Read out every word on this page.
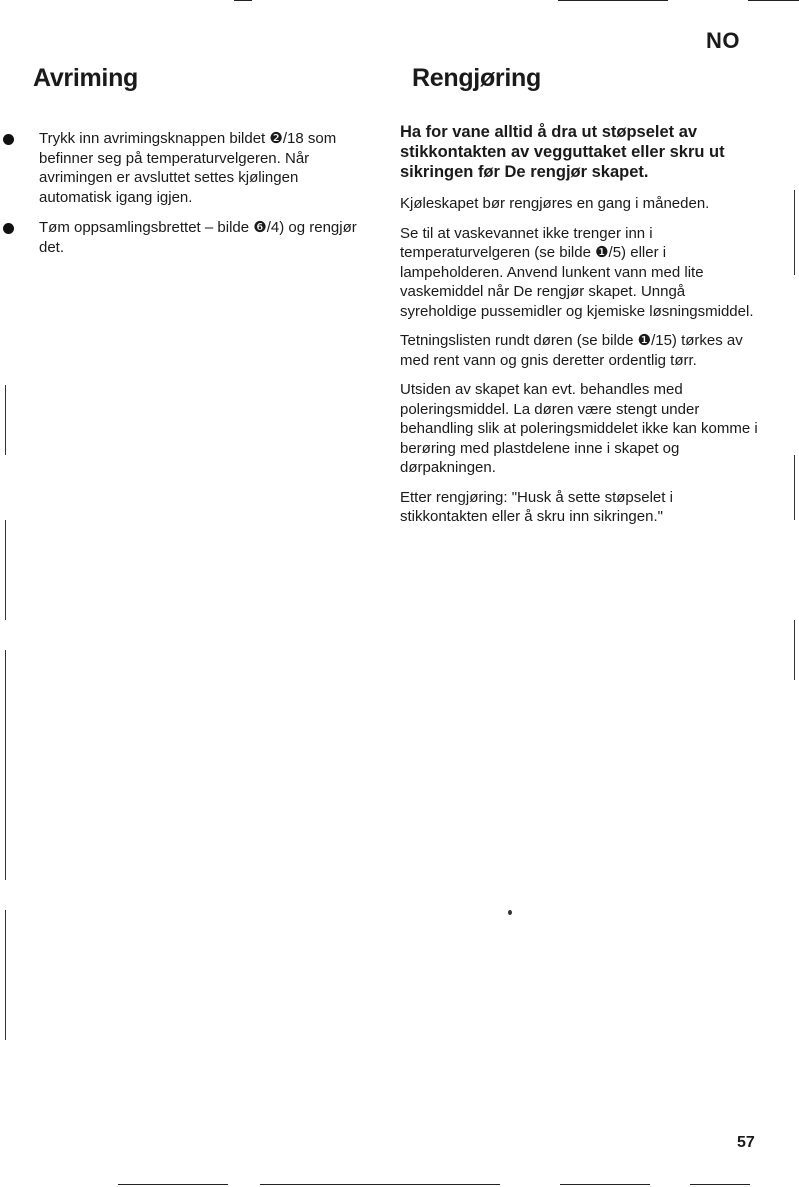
NO
Avriming
Trykk inn avrimingsknappen bildet ❷/18 som befinner seg på temperaturvelgeren. Når avrimingen er avsluttet settes kjølingen automatisk igang igjen.
Tøm oppsamlingsbrettet – bilde ❻/4) og rengjør det.
Rengjøring

Ha for vane alltid å dra ut støpselet av stikkontakten av vegguttaket eller skru ut sikringen før De rengjør skapet.

Kjøleskapet bør rengjøres en gang i måneden.

Se til at vaskevannet ikke trenger inn i temperaturvelgeren (se bilde ❶/5) eller i lampeholderen. Anvend lunkent vann med lite vaskemiddel når De rengjør skapet. Unngå syreholdige pussemidler og kjemiske løsningsmiddel.

Tetningslisten rundt døren (se bilde ❶/15) tørkes av med rent vann og gnis deretter ordentlig tørr.

Utsiden av skapet kan evt. behandles med poleringsmiddel. La døren være stengt under behandling slik at poleringsmiddelet ikke kan komme i berøring med plastdelene inne i skapet og dørpakningen.

Etter rengjøring: "Husk å sette støpselet i stikkontakten eller å skru inn sikringen."

57
